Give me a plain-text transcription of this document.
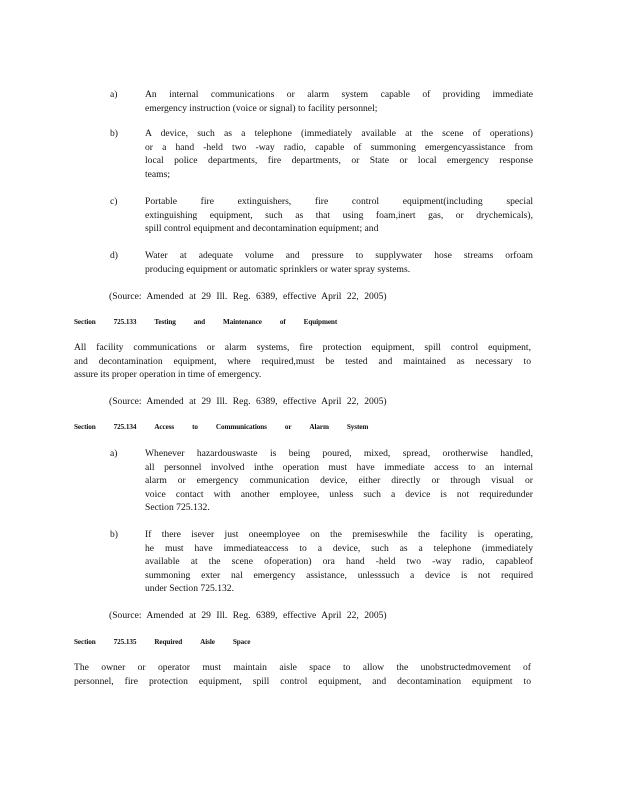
a)	An internal communications or alarm system capable of providing immediate
emergency instruction (voice or signal) to facility personnel;
b)	A device, such as a telephone (immediately available at the scene of operations)
or a hand -held two -way radio, capable of summoning emergencyassistance from
local police departments, fire departments, or State or local emergency response
teams;
c)	Portable fire extinguishers, fire control equipment(including special
extinguishing equipment, such as that using foam,inert gas, or drychemicals),
spill control equipment and decontamination equipment; and
d)	Water at adequate volume and pressure to supplywater hose streams orfoam
producing equipment or automatic sprinklers or water spray systems.
(Source: Amended at 29 Ill. Reg. 6389, effective April 22, 2005)
Section	725.133	Testing	and	Maintenance	of	Equipment
All facility communications or alarm systems, fire protection equipment, spill control equipment,
and decontamination equipment, where required,must be tested and maintained as necessary to
assure its proper operation in time of emergency.
(Source: Amended at 29 Ill. Reg. 6389, effective April 22, 2005)
Section	725.134	Access	to	Communications	or	Alarm	System
a)	Whenever hazardouswaste is being poured, mixed, spread, orotherwise handled,
all personnel involved inthe operation must have immediate access to an internal
alarm or emergency communication device, either directly or through visual or
voice contact with another employee, unless such a device is not requiredunder
Section 725.132.
b)	If there isever just oneemployee on the premiseswhile the facility is operating,
he must have immediateaccess to a device, such as a telephone (immediately
available at the scene ofoperation) ora hand -held two -way radio, capableof
summoning exter nal emergency assistance, unlesssuch a device is not required
under Section 725.132.
(Source: Amended at 29 Ill. Reg. 6389, effective April 22, 2005)
Section	725.135	Required	Aisle	Space
The owner or operator must maintain aisle space to allow the unobstructedmovement of
personnel, fire protection equipment, spill control equipment, and decontamination equipment to
